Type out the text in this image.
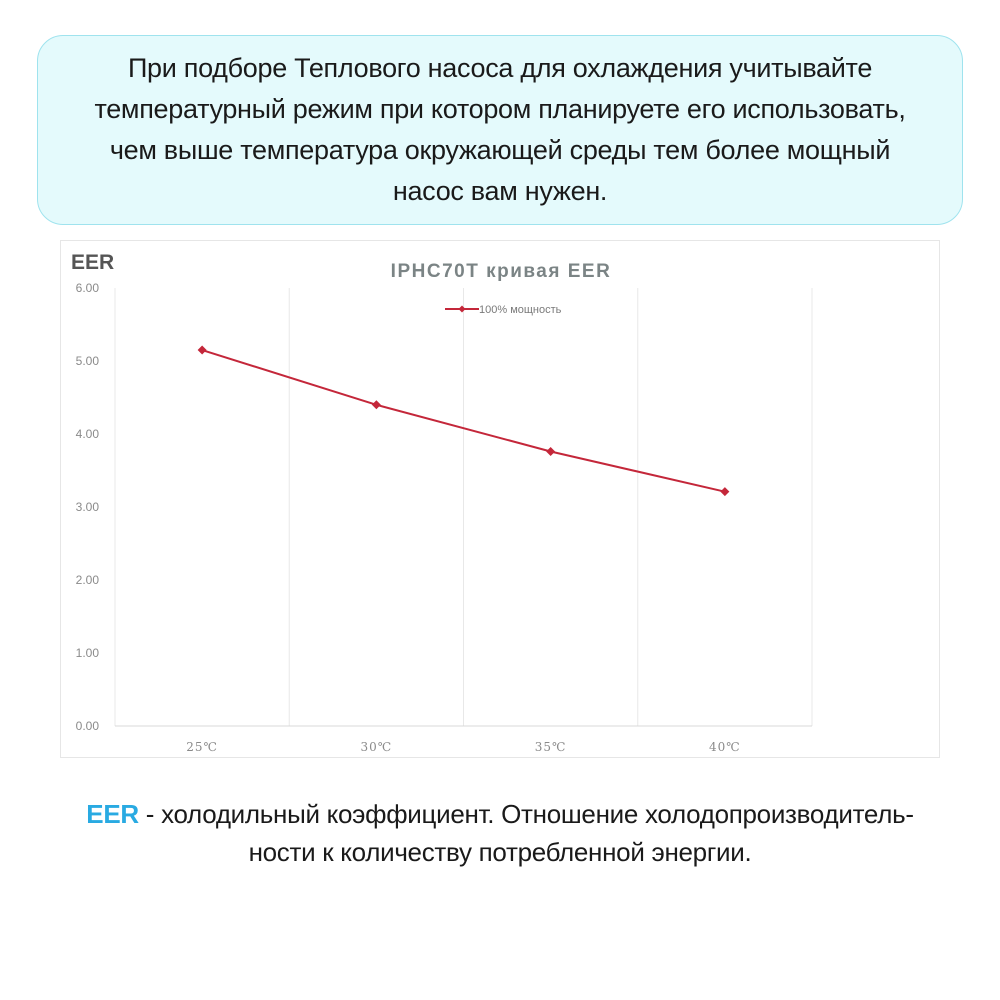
При подборе Теплового насоса для охлаждения учитывайте
температурный режим при котором планируете его использовать,
чем выше температура окружающей среды тем более мощный
насос вам нужен.
0.00
1.00
2.00
3.00
4.00
5.00
6.00
25℃	30℃	35℃	40℃
EER	IPHC70T кривая EER
100% мощность
EER - холодильный коэффициент. Отношение холодопроизводитель-
ности к количеству потребленной энергии.
